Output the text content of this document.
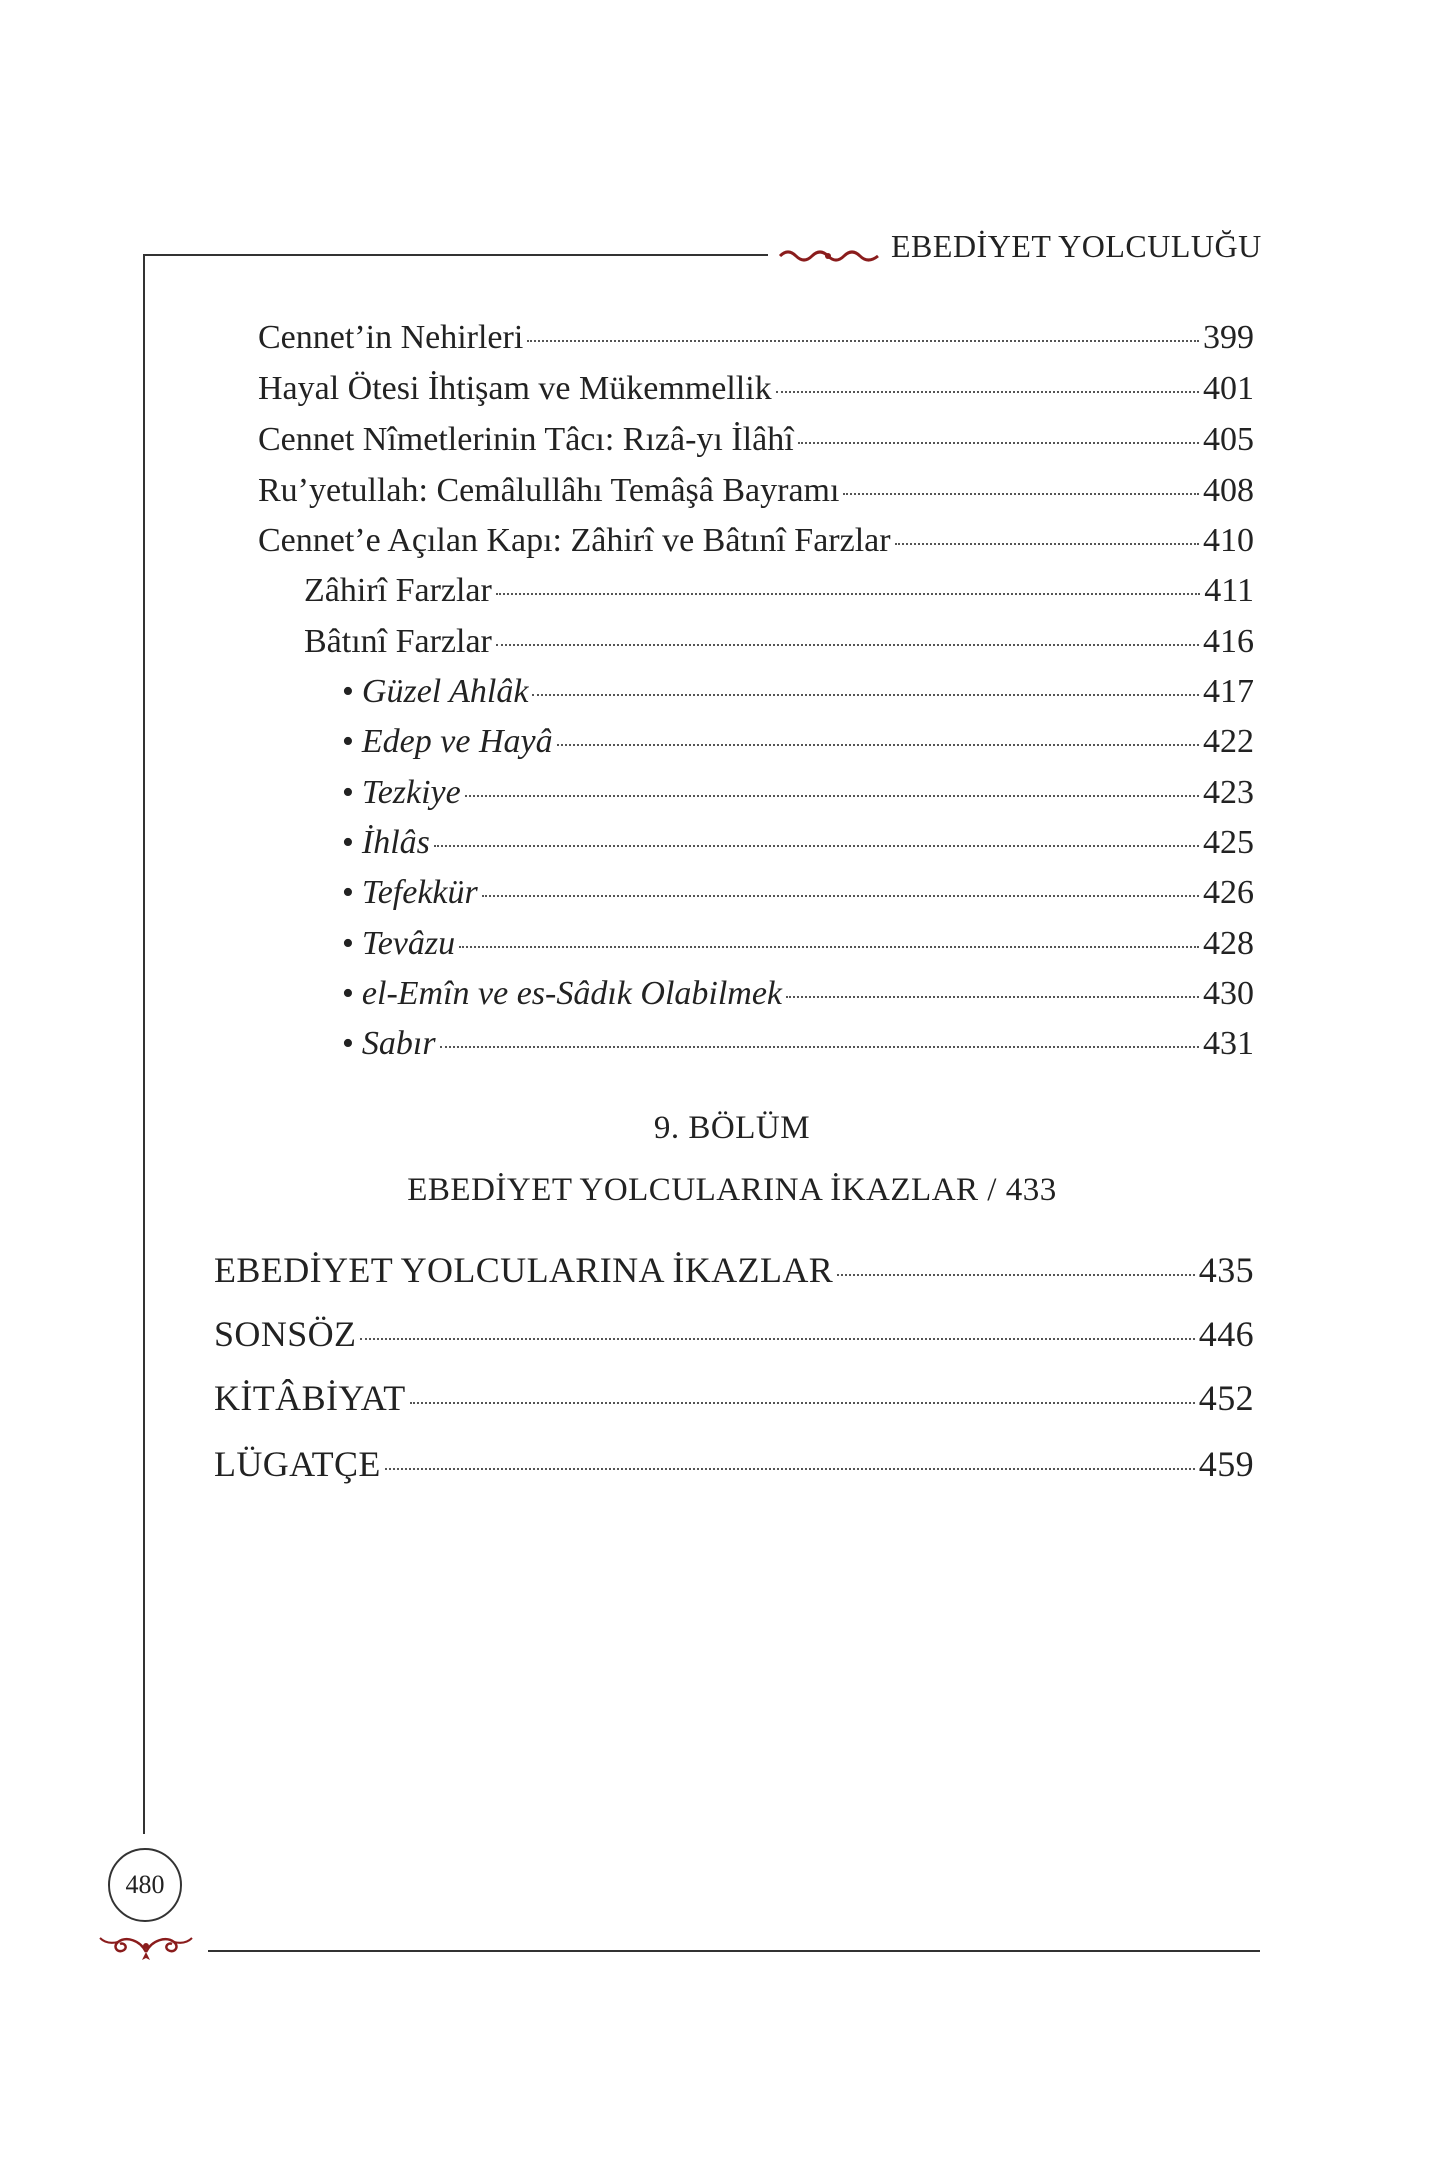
EBEDİYET YOLCULUĞU
Cennet’in Nehirleri	399
Hayal Ötesi İhtişam ve Mükemmellik	401
Cennet Nîmetlerinin Tâcı: Rızâ-yı İlâhî	405
Ru’yetullah: Cemâlullâhı Temâşâ Bayramı	408
Cennet’e Açılan Kapı: Zâhirî ve Bâtınî Farzlar	410
Zâhirî Farzlar	411
Bâtınî Farzlar	416
• Güzel Ahlâk	417
• Edep ve Hayâ	422
• Tezkiye	423
• İhlâs	425
• Tefekkür	426
• Tevâzu	428
• el-Emîn ve es-Sâdık Olabilmek	430
• Sabır	431
9. BÖLÜM
EBEDİYET YOLCULARINA İKAZLAR / 433
EBEDİYET YOLCULARINA İKAZLAR	435
SONSÖZ	446
KİTÂBİYAT	452
LÜGATÇE	459
480
